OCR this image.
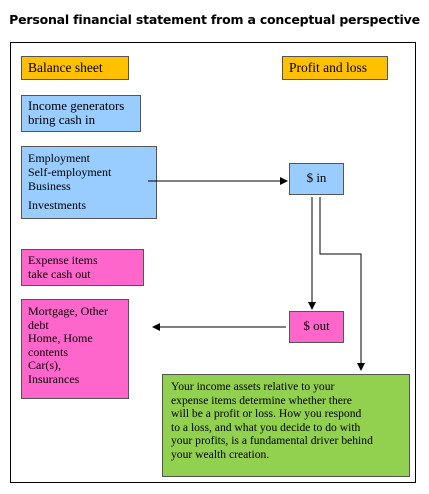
Personal financial statement from a conceptual perspective
Balance sheet	Profit and loss
Income generators
bring cash in
Employment
Self-employment
Business
Investments
$ in
Expense items
take cash out
Mortgage, Other
debt
Home, Home
contents
Car(s),
Insurances
$ out
Your income assets relative to your
expense items determine whether there
will be a profit or loss. How you respond
to a loss, and what you decide to do with
your profits, is a fundamental driver behind
your wealth creation.
